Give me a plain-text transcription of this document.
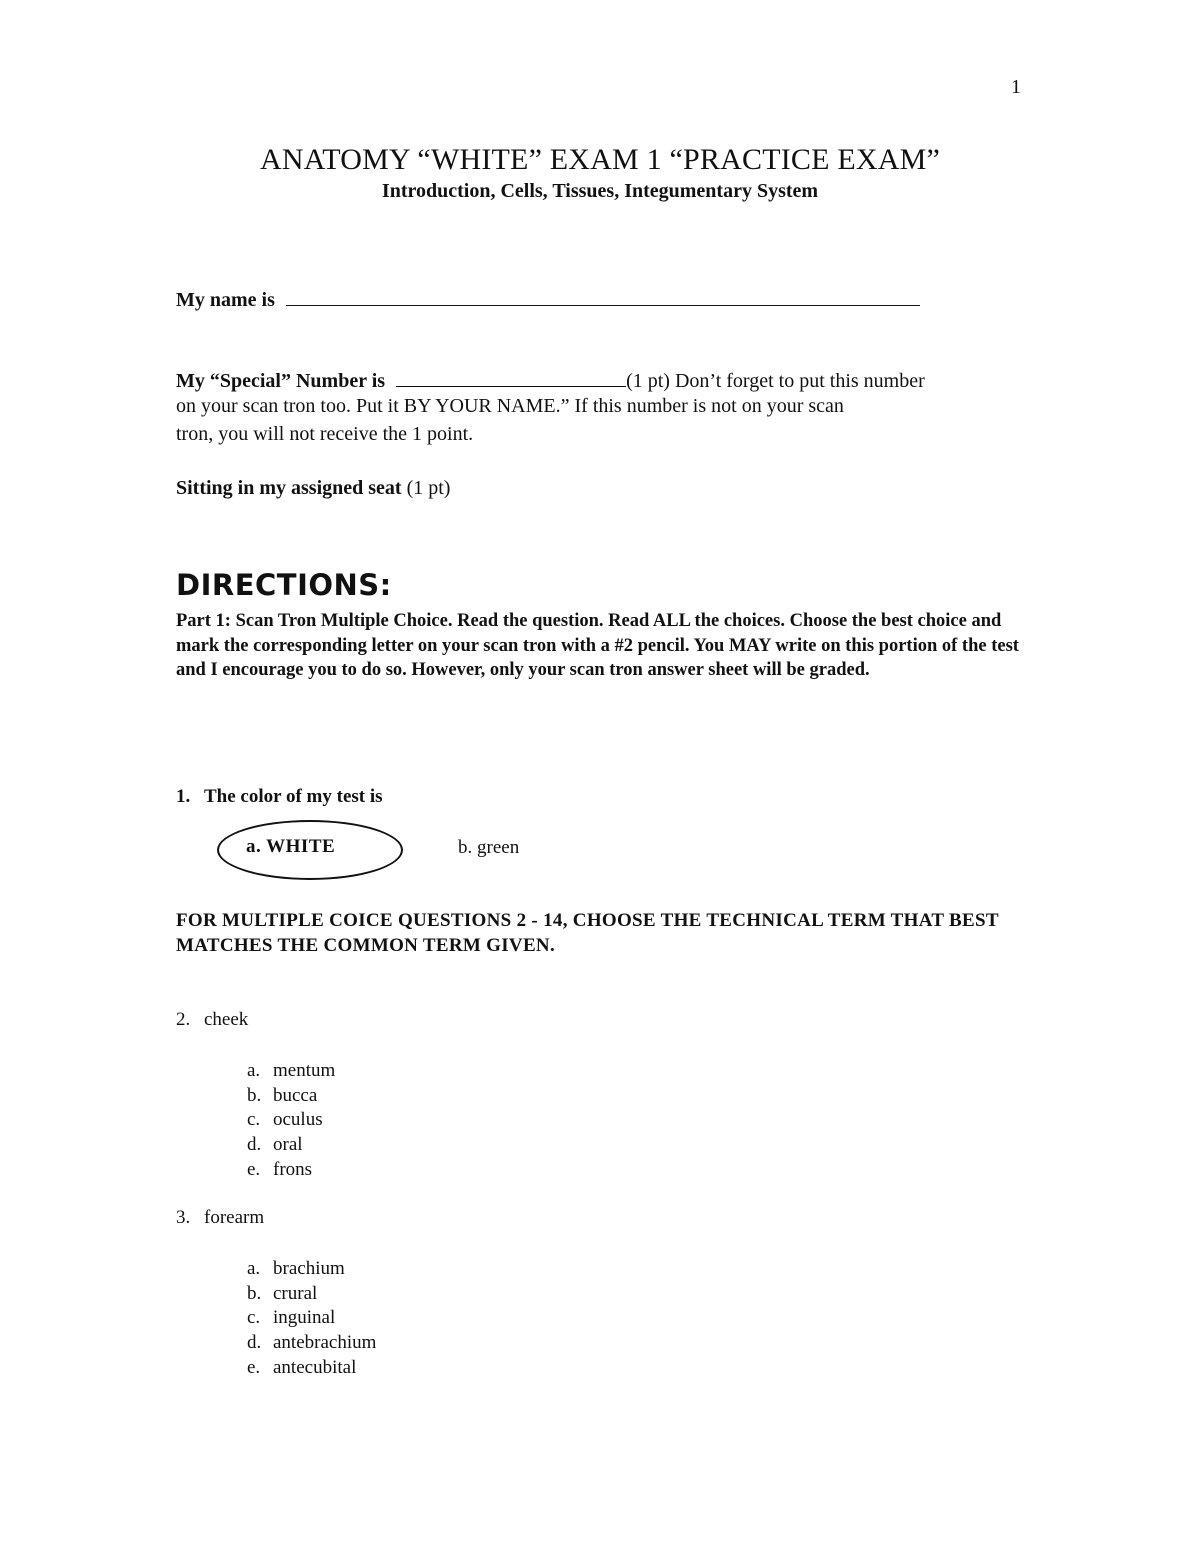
1
ANATOMY “WHITE” EXAM 1 “PRACTICE EXAM”
Introduction, Cells, Tissues, Integumentary System
My name is
My “Special” Number is	(1 pt) Don’t forget to put this number
on your scan tron too. Put it BY YOUR NAME.” If this number is not on your scan
tron, you will not receive the 1 point.
Sitting in my assigned seat (1 pt)
DIRECTIONS:
Part 1: Scan Tron Multiple Choice. Read the question. Read ALL the choices. Choose the best choice and mark the corresponding letter on your scan tron with a #2 pencil. You MAY write on this portion of the test and I encourage you to do so. However, only your scan tron answer sheet will be graded.
1. The color of my test is
a. WHITE	b. green
FOR MULTIPLE COICE QUESTIONS 2 - 14, CHOOSE THE TECHNICAL TERM THAT BEST MATCHES THE COMMON TERM GIVEN.
2. cheek
a. mentum
b. bucca
c. oculus
d. oral
e. frons
3. forearm
a. brachium
b. crural
c. inguinal
d. antebrachium
e. antecubital
